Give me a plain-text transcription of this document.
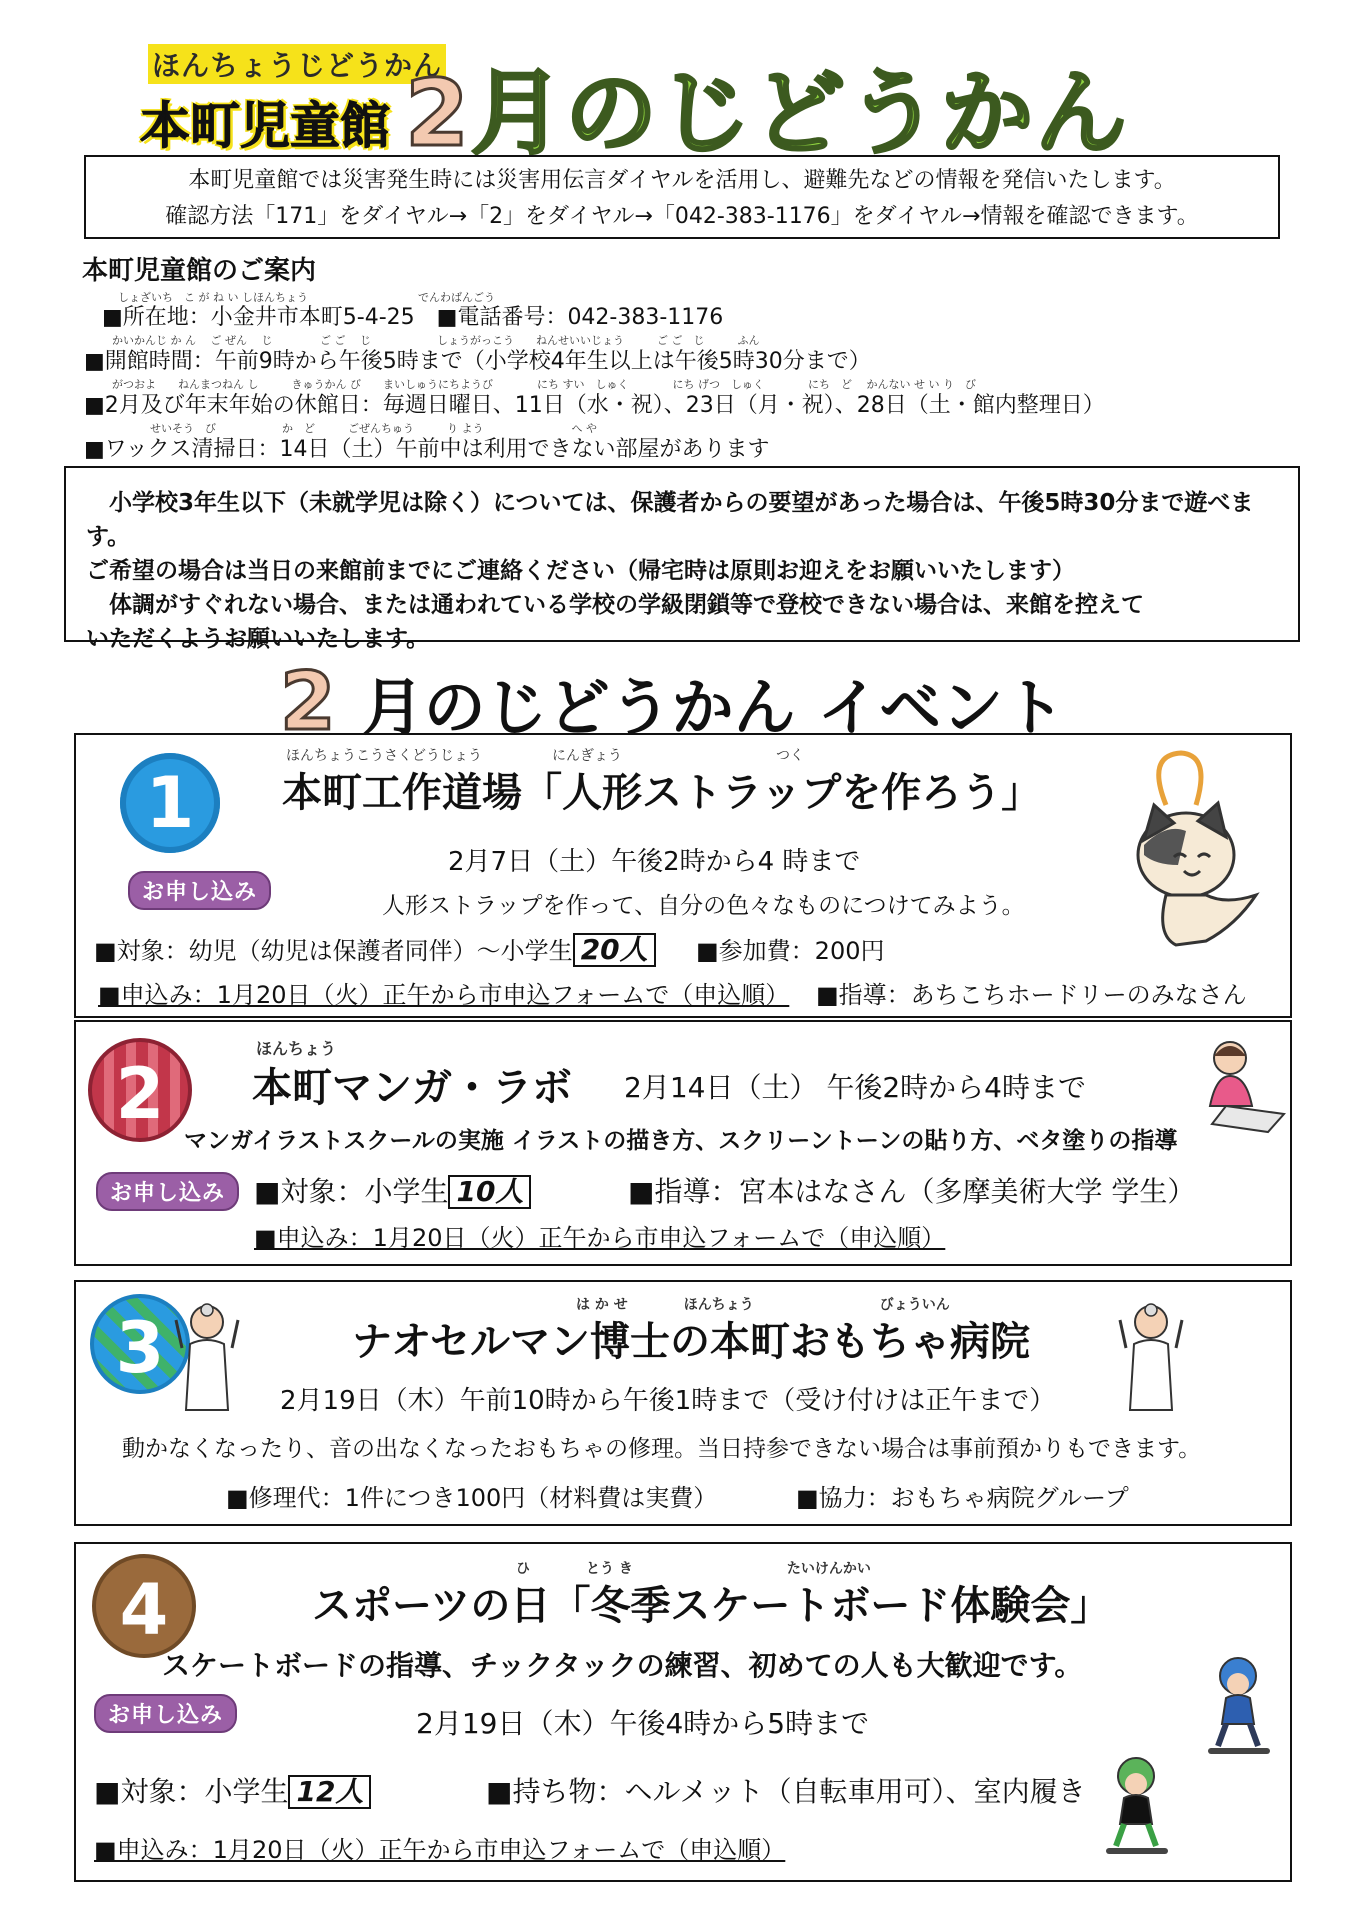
ほんちょうじどうかん
本町児童館 2月のじどうかん
本町児童館では災害発生時には災害用伝言ダイヤルを活用し、避難先などの情報を発信いたします。
確認方法「171」をダイヤル→「2」をダイヤル→「042-383-1176」をダイヤル→情報を確認できます。
本町児童館のご案内
しょざいち　こ が ね い しほんちょう　　　　　　　　　　でんわばんごう
■所在地：小金井市本町5-4-25　■電話番号：042-383-1176
かいかんじ か ん　 ご ぜん　 じ　　　　 ご ご　 じ　　　　　　しょうがっこう　　ねんせいいじょう　　　ご ご　じ　　　ふん
■開館時間：午前9時から午後5時まで（小学校4年生以上は午後5時30分まで）
がつおよ　　ねんまつねん し　　　きゅうかん び　　まいしゅうにちようび　　　　にち すい　しゅく　　　　にち げつ　しゅく　　　　にち　ど　 かんない せ い り　び
■2月及び年末年始の休館日：毎週日曜日、11日（水・祝）、23日（月・祝）、28日（土・館内整理日）
せいそう　び　　　　　　か　ど　　　ごぜんちゅう　　　り よう　　　　　　　　へ や
■ワックス清掃日：14日（土）午前中は利用できない部屋があります

　小学校3年生以下（未就学児は除く）については、保護者からの要望があった場合は、午後5時30分まで遊べます。

ご希望の場合は当日の来館前までにご連絡ください（帰宅時は原則お迎えをお願いいたします）

　体調がすぐれない場合、または通われている学校の学級閉鎖等で登校できない場合は、来館を控えて

いただくようお願いいたします。

2 月のじどうかん イベント
1
お申し込み
ほんちょうこうさくどうじょう　　　　　にんぎょう　　　　　　　　　　　つく
本町工作道場「人形ストラップを作ろう」
2月7日（土）午後2時から4 時まで
人形ストラップを作って、自分の色々なものにつけてみよう。
■対象：幼児（幼児は保護者同伴）～小学生 20人	■参加費：200円
■申込み：1月20日（火）正午から市申込フォームで（申込順） ■指導：あちこちホードリーのみなさん
2
お申し込み
ほんちょう
本町マンガ・ラボ 2月14日（土） 午後2時から4時まで
マンガイラストスクールの実施 イラストの描き方、スクリーントーンの貼り方、ベタ塗りの指導
■対象：小学生 10人	■指導：宮本はなさん（多摩美術大学 学生）
■申込み：1月20日（火）正午から市申込フォームで（申込順）
3
は か せ　　　　ほんちょう　　　　　　　　　びょういん
ナオセルマン博士の本町おもちゃ病院
2月19日（木）午前10時から午後1時まで（受け付けは正午まで）
動かなくなったり、音の出なくなったおもちゃの修理。当日持参できない場合は事前預かりもできます。
■修理代：1件につき100円（材料費は実費）	■協力：おもちゃ病院グループ
4
お申し込み
ひ　　　　とう き　　　　　　　　　　　たいけんかい
スポーツの日「冬季スケートボード体験会」
スケートボードの指導、チックタックの練習、初めての人も大歓迎です。
2月19日（木）午後4時から5時まで
■対象：小学生 12人	■持ち物：ヘルメット（自転車用可）、室内履き
■申込み：1月20日（火）正午から市申込フォームで（申込順）
